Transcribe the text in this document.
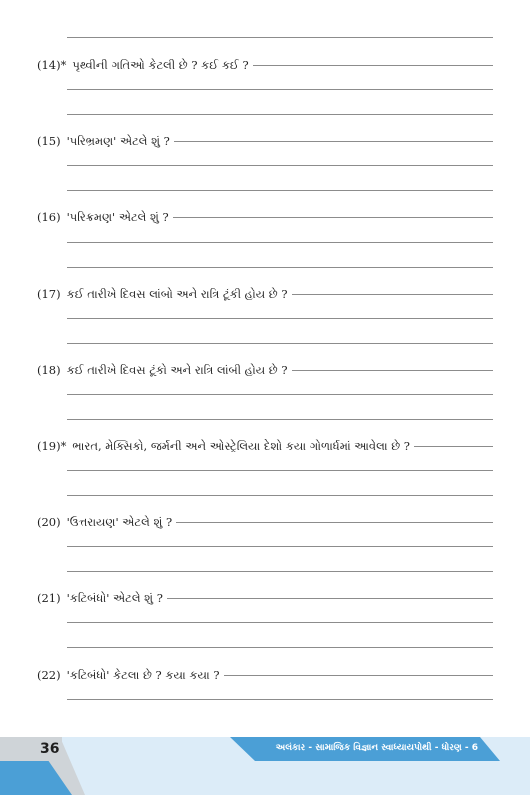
(14)* પૃથ્વીની ગતિઓ કેટલી છે ? કઈ કઈ ?
(15) 'પરિભ્રમણ' એટલે શું ?
(16) 'પરિક્રમણ' એટલે શું ?
(17) કઈ તારીખે દિવસ લાંબો અને રાત્રિ ટૂંકી હોય છે ?
(18) કઈ તારીખે દિવસ ટૂંકો અને રાત્રિ લાંબી હોય છે ?
(19)* ભારત, મેક્સિકો, જર્મની અને ઓસ્ટ્રેલિયા દેશો કયા ગોળાર્ધમાં આવેલા છે ?
(20) 'ઉત્તરાયણ' એટલે શું ?
(21) 'કટિબંધો' એટલે શું ?
(22) 'કટિબંધો' કેટલા છે ? કયા કયા ?
36	અલંકાર - સામાજિક વિજ્ઞાન સ્વાધ્યાયપોથી - ધોરણ - 6
